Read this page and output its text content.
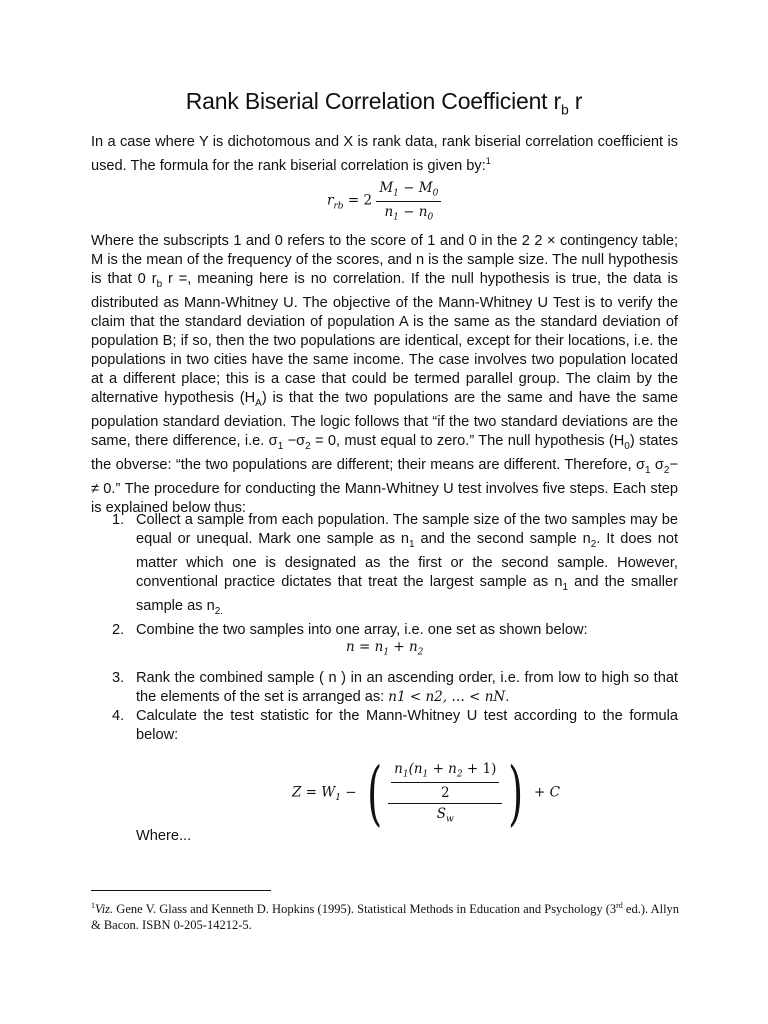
Rank Biserial Correlation Coefficient $r_b$ r
In a case where Y is dichotomous and X is rank data, rank biserial correlation coefficient is used. The formula for the rank biserial correlation is given by:$^1$
$r_{rb} = 2 \frac{M_1 - M_0}{n_1 - n_0}$
Where the subscripts 1 and 0 refers to the score of 1 and 0 in the 2 2 × contingency table; M is the mean of the frequency of the scores, and n is the sample size. The null hypothesis is that 0 $r_b$ r =, meaning here is no correlation. If the null hypothesis is true, the data is distributed as Mann-Whitney U. The objective of the Mann-Whitney U Test is to verify the claim that the standard deviation of population A is the same as the standard deviation of population B; if so, then the two populations are identical, except for their locations, i.e. the populations in two cities have the same income. The case involves two population located at a different place; this is a case that could be termed parallel group. The claim by the alternative hypothesis $(H_A)$ is that the two populations are the same and have the same population standard deviation. The logic follows that “if the two standard deviations are the same, there difference, i.e. $\sigma_1 -\sigma_2 = 0$, must equal to zero.” The null hypothesis $(H_0)$ states the obverse: “the two populations are different; their means are different. Therefore, $\sigma_1$ $\sigma_2- \ne 0$.” The procedure for conducting the Mann-Whitney U test involves five steps. Each step is explained below thus:
1. Collect a sample from each population. The sample size of the two samples may be equal or unequal. Mark one sample as $n_1$ and the second sample $n_2$. It does not matter which one is designated as the first or the second sample. However, conventional practice dictates that treat the largest sample as $n_1$ and the smaller sample as $n_{2.}$
2. Combine the two samples into one array, i.e. one set as shown below:
$n = n_1 + n_2$
3. Rank the combined sample ( n ) in an ascending order, i.e. from low to high so that the elements of the set is arranged as: n1 < n2, … < nN.
4. Calculate the test statistic for the Mann-Whitney U test according to the formula below:
$Z = W_1$ − ( $\frac{\frac{n_1(n_1 + n_2 + 1)}{2}}{S_w}$ ) + C
Where...
$^1$Viz. Gene V. Glass and Kenneth D. Hopkins (1995). Statistical Methods in Education and Psychology (3rd ed.). Allyn & Bacon. ISBN 0-205-14212-5.
